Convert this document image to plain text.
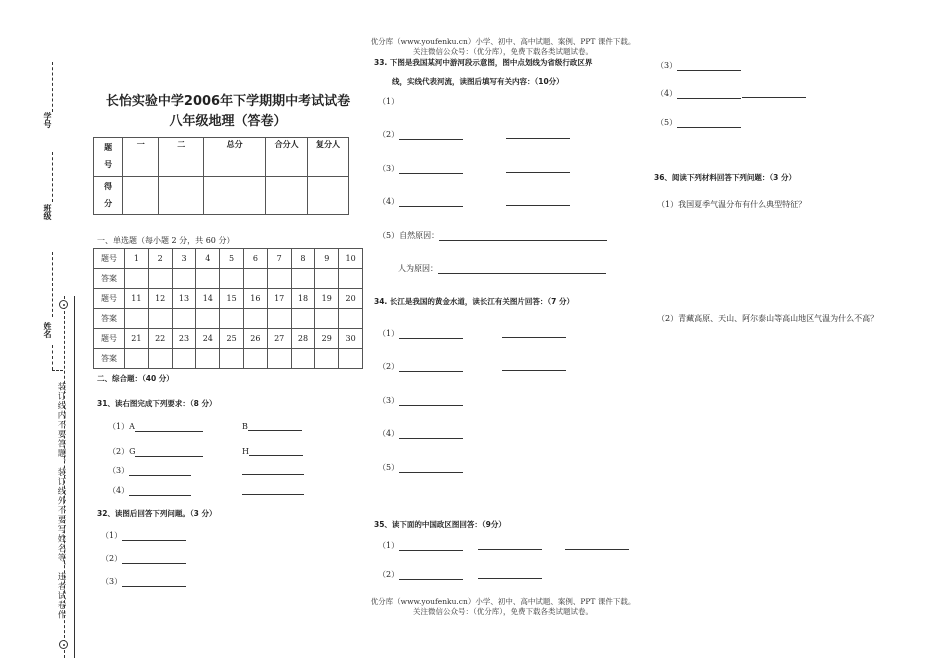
优分库（www.youfenku.cn）小学、初中、高中试题、案例、PPT 课件下载。
关注微信公众号：（优分库），免费下载各类试题试卷。
优分库（www.youfenku.cn）小学、初中、高中试题、案例、PPT 课件下载。
关注微信公众号：（优分库），免费下载各类试题试卷。
学号
班级
姓名
装订线内不要答题、装订线外不要写姓名等，违者试卷作
长怡实验中学2006年下学期期中考试试卷
八年级地理（答卷）
题
号	一	二	总分	合分人	复分人
得
分					
一、单选题（每小题 2 分，共 60 分）
题号	1	2	3	4	5	6	7	8	9	10
答案										
题号	11	12	13	14	15	16	17	18	19	20
答案										
题号	21	22	23	24	25	26	27	28	29	30
答案										
二、综合题：（40 分）
31、读右图完成下列要求：（8 分）
（1）A	B
（2）G	H
（3）
（4）
32、读图后回答下列问题。（3 分）
（1）
（2）
（3）
33. 下图是我国某河中游河段示意图，图中点划线为省级行政区界
线，实线代表河流，读图后填写有关内容：（10分）
（1）
（2）
（3）
（4）
（5）自然原因：
人为原因：
34. 长江是我国的黄金水道，读长江有关图片回答：（7 分）
（1）
（2）
（3）
（4）
（5）
35、读下面的中国政区图回答：（9分）
（1）
（2）
（3）
（4）
（5）
36、阅读下列材料回答下列问题：（3 分）
（1）我国夏季气温分布有什么典型特征？
（2）青藏高原、天山、阿尔泰山等高山地区气温为什么不高？
